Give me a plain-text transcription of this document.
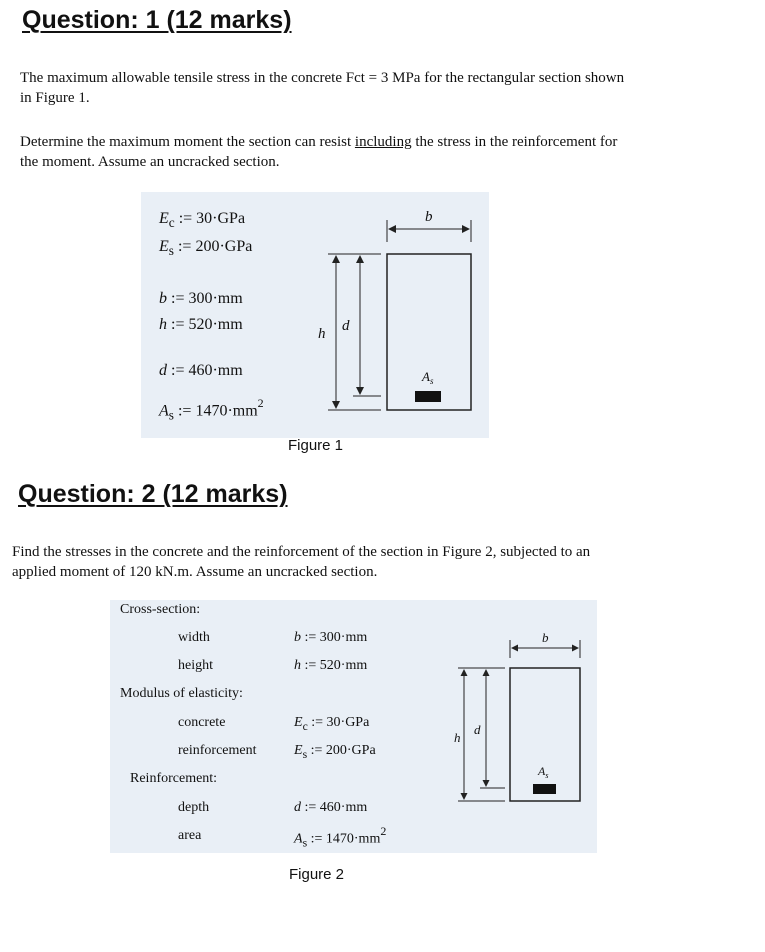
Question: 1 (12 marks)

The maximum allowable tensile stress in the concrete Fct = 3 MPa for the rectangular section shown
in Figure 1.

Determine the maximum moment the section can resist including the stress in the reinforcement for
the moment. Assume an uncracked section.

$E_c$ := 30·GPa
$E_s$ := 200·GPa
b := 300·mm
h := 520·mm
d := 460·mm
$A_s$ := $1470\cdot mm^2$
b
$A_s$
h d
Figure 1
Question: 2 (12 marks)

Find the stresses in the concrete and the reinforcement of the section in Figure 2, subjected to an
applied moment of 120 kN.m. Assume an uncracked section.

Cross-section:
width
height
Modulus of elasticity:
concrete
reinforcement
Reinforcement:
depth
area
b := 300·mm
h := 520·mm
$E_c$ := 30·GPa
$E_s$ := 200·GPa
d := 460·mm
$A_s$ := $1470\cdot mm^2$
b
$A_s$
h
d
Figure 2
